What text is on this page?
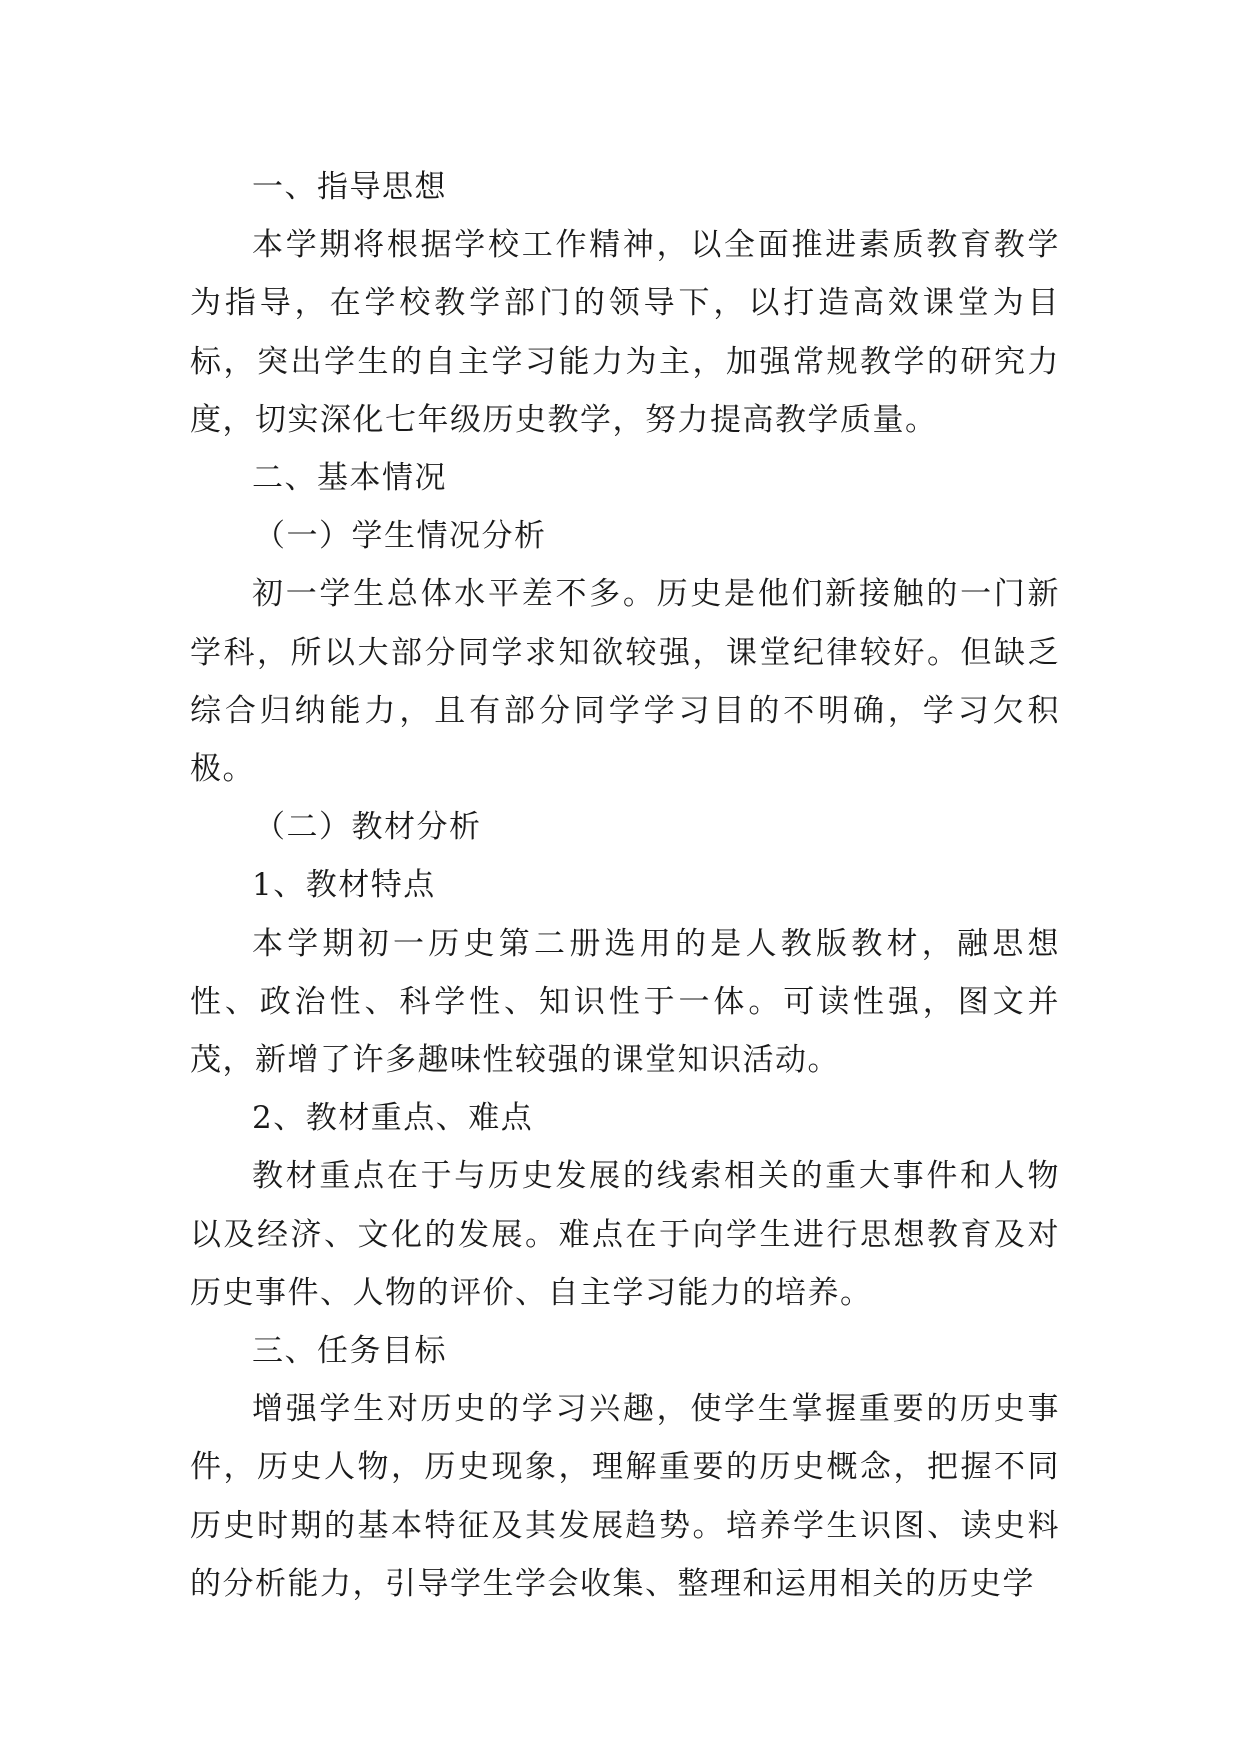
一、指导思想

本学期将根据学校工作精神，以全面推进素质教育教学为指导，在学校教学部门的领导下，以打造高效课堂为目标，突出学生的自主学习能力为主，加强常规教学的研究力度，切实深化七年级历史教学，努力提高教学质量。

二、基本情况

（一）学生情况分析

初一学生总体水平差不多。历史是他们新接触的一门新学科，所以大部分同学求知欲较强，课堂纪律较好。但缺乏综合归纳能力，且有部分同学学习目的不明确，学习欠积极。

（二）教材分析

1、教材特点

本学期初一历史第二册选用的是人教版教材，融思想性、政治性、科学性、知识性于一体。可读性强，图文并茂，新增了许多趣味性较强的课堂知识活动。

2、教材重点、难点

教材重点在于与历史发展的线索相关的重大事件和人物以及经济、文化的发展。难点在于向学生进行思想教育及对历史事件、人物的评价、自主学习能力的培养。

三、任务目标

增强学生对历史的学习兴趣，使学生掌握重要的历史事件，历史人物，历史现象，理解重要的历史概念，把握不同历史时期的基本特征及其发展趋势。培养学生识图、读史料的分析能力，引导学生学会收集、整理和运用相关的历史学
